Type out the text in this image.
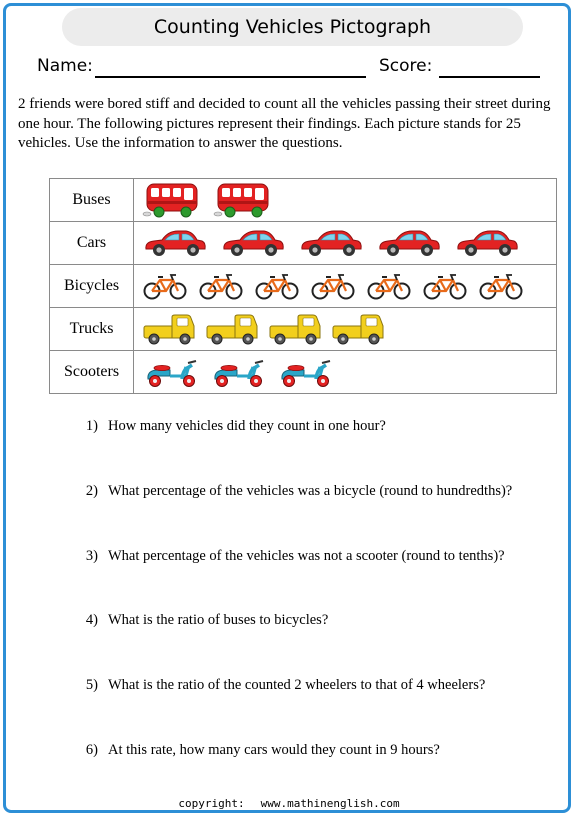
Counting Vehicles Pictograph
Name:	Score:
2 friends were bored stiff and decided to count all the vehicles passing their street during one hour. The following pictures represent their findings. Each picture stands for 25 vehicles. Use the information to answer the questions.
Buses	

Cars	

Bicycles	

Trucks	

Scooters	
1) How many vehicles did they count in one hour?
2) What percentage of the vehicles was a bicycle (round to hundredths)?
3) What percentage of the vehicles was not a scooter (round to tenths)?
4) What is the ratio of buses to bicycles?
5) What is the ratio of the counted 2 wheelers to that of 4 wheelers?
6) At this rate, how many cars would they count in 9 hours?
copyright: www.mathinenglish.com
